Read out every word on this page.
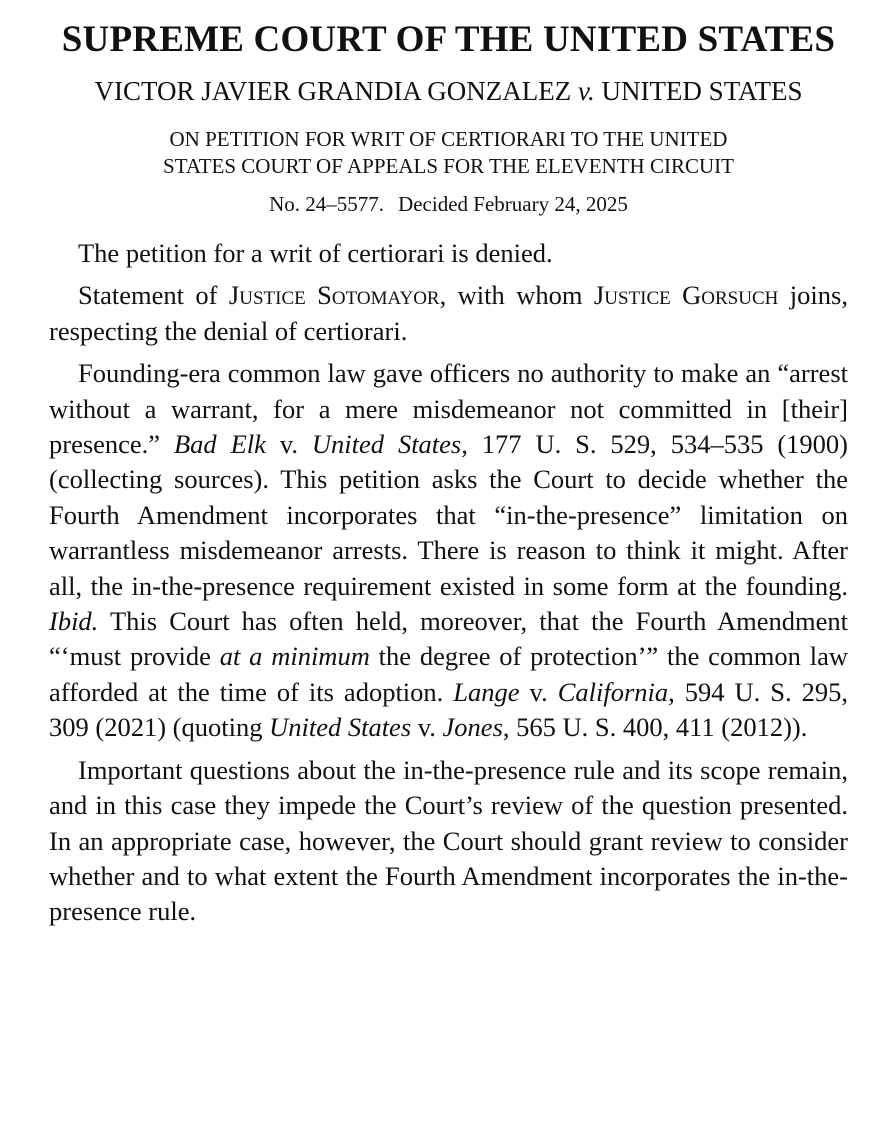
SUPREME COURT OF THE UNITED STATES
VICTOR JAVIER GRANDIA GONZALEZ v. UNITED STATES
ON PETITION FOR WRIT OF CERTIORARI TO THE UNITED
STATES COURT OF APPEALS FOR THE ELEVENTH CIRCUIT
No. 24–5577. Decided February 24, 2025

The petition for a writ of certiorari is denied.

Statement of Justice Sotomayor, with whom Justice Gorsuch joins, respecting the denial of certiorari.

Founding-era common law gave officers no authority to make an “arrest without a warrant, for a mere misdemeanor not committed in [their] presence.” Bad Elk v. United States, 177 U. S. 529, 534–535 (1900) (collecting sources). This petition asks the Court to decide whether the Fourth Amendment incorporates that “in-the-presence” limitation on warrantless misdemeanor arrests. There is reason to think it might. After all, the in-the-presence requirement existed in some form at the founding. Ibid. This Court has often held, moreover, that the Fourth Amendment “‘must provide at a minimum the degree of protection’” the common law afforded at the time of its adoption. Lange v. California, 594 U. S. 295, 309 (2021) (quoting United States v. Jones, 565 U. S. 400, 411 (2012)).

Important questions about the in-the-presence rule and its scope remain, and in this case they impede the Court’s review of the question presented. In an appropriate case, however, the Court should grant review to consider whether and to what extent the Fourth Amendment incorporates the in-the-presence rule.
